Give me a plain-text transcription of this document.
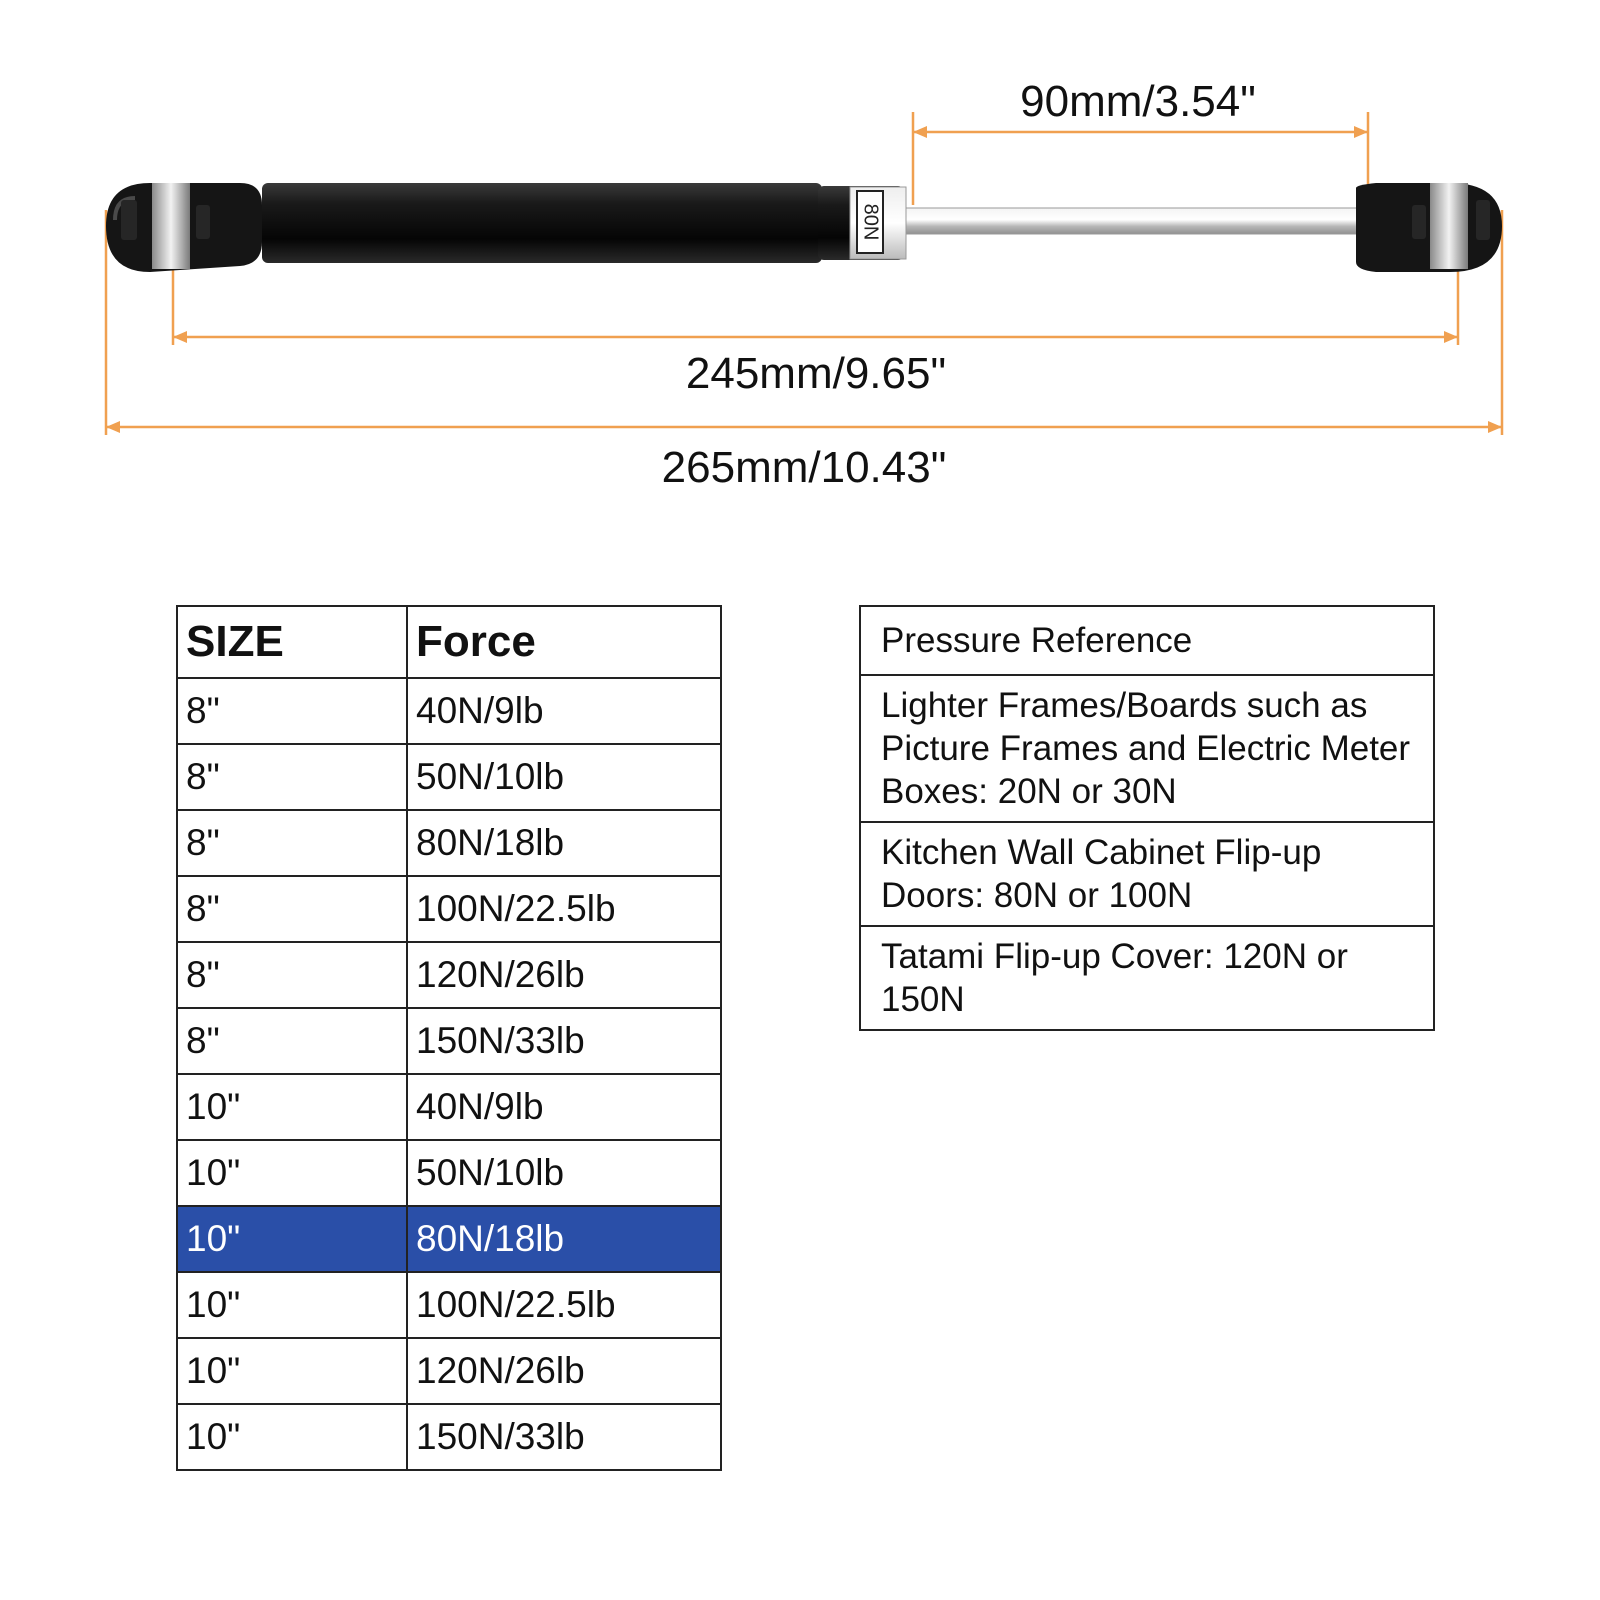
90mm/3.54"
245mm/9.65"
265mm/10.43"
80N
SIZE	Force
8"	40N/9lb
8"	50N/10lb
8"	80N/18lb
8"	100N/22.5lb
8"	120N/26lb
8"	150N/33lb
10"	40N/9lb
10"	50N/10lb
10"	80N/18lb
10"	100N/22.5lb
10"	120N/26lb
10"	150N/33lb
Pressure Reference
Lighter Frames/Boards such as Picture Frames and Electric Meter Boxes: 20N or 30N
Kitchen Wall Cabinet Flip-up Doors: 80N or 100N
Tatami Flip-up Cover: 120N or 150N
